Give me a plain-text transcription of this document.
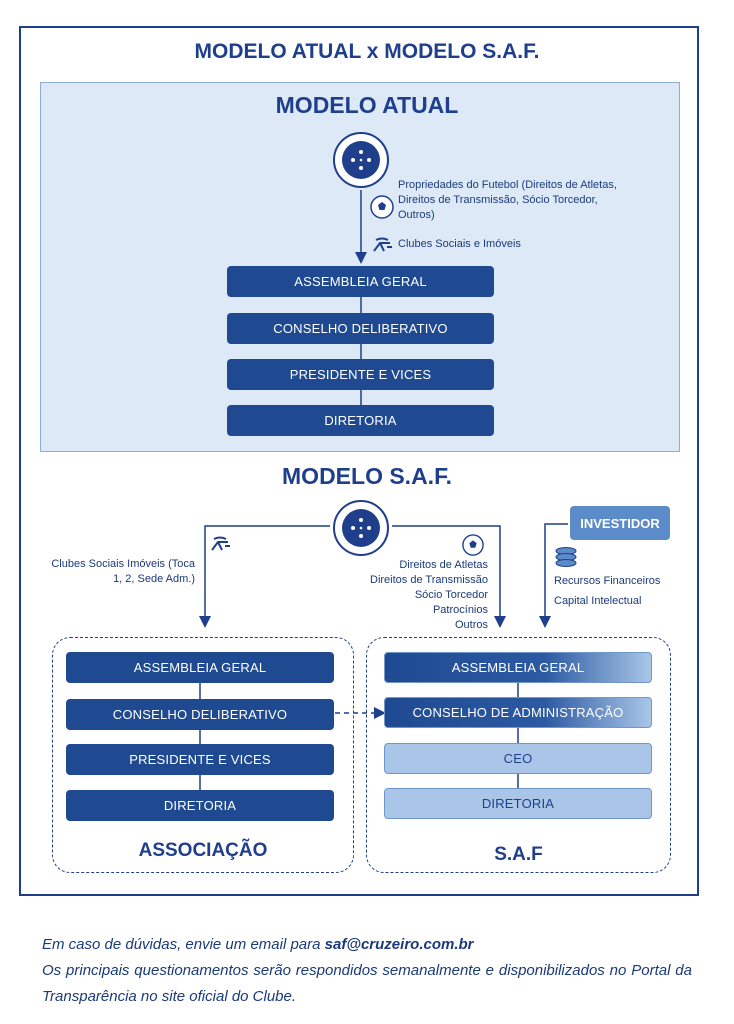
MODELO ATUAL x MODELO S.A.F.
MODELO ATUAL
Propriedades do Futebol (Direitos de Atletas, Direitos de Transmissão, Sócio Torcedor, Outros)
Clubes Sociais e Imóveis
ASSEMBLEIA GERAL
CONSELHO DELIBERATIVO
PRESIDENTE E VICES
DIRETORIA
MODELO S.A.F.
Clubes Sociais Imóveis (Toca 1, 2, Sede Adm.)
Direitos de Atletas
Direitos de Transmissão
Sócio Torcedor
Patrocínios
Outros
INVESTIDOR
Recursos Financeiros
Capital Intelectual
ASSEMBLEIA GERAL
CONSELHO DELIBERATIVO
PRESIDENTE E VICES
DIRETORIA
ASSOCIAÇÃO
ASSEMBLEIA GERAL
CONSELHO DE ADMINISTRAÇÃO
CEO
DIRETORIA
S.A.F
Em caso de dúvidas, envie um email para saf@cruzeiro.com.br
Os principais questionamentos serão respondidos semanalmente e disponibilizados no Portal da Transparência no site oficial do Clube.
